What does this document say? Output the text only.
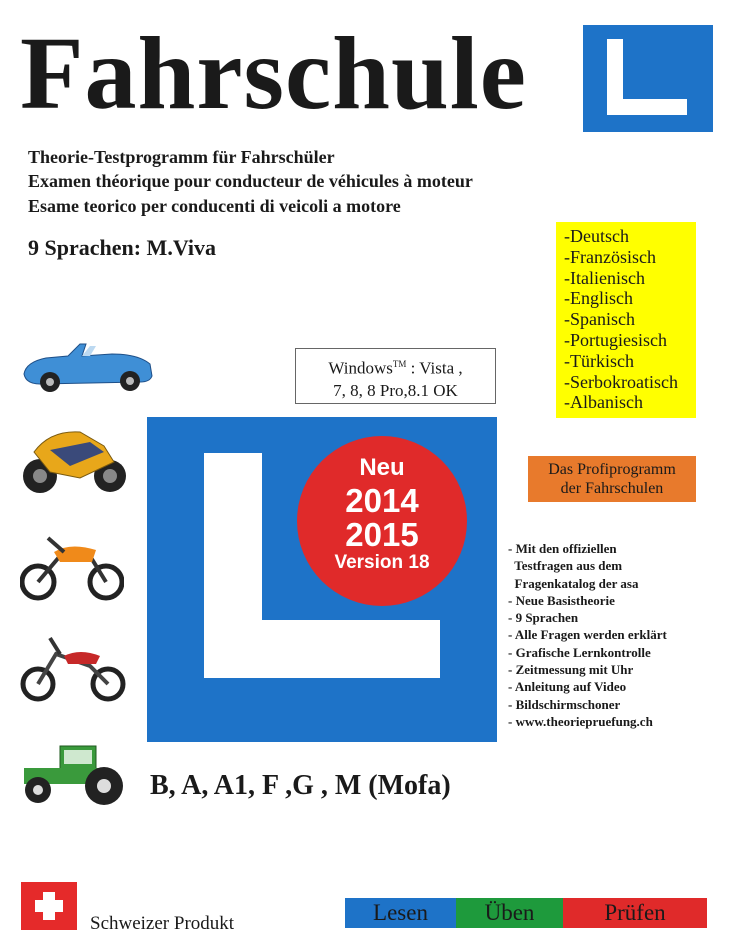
Fahrschule
Theorie-Testprogramm für Fahrschüler
Examen théorique pour conducteur de véhicules à moteur
Esame teorico per conducenti di veicoli a motore
9 Sprachen: M.Viva	-Deutsch
-Französisch
-Italienisch
-Englisch
-Spanisch
-Portugiesisch
-Türkisch
-Serbokroatisch
-Albanisch
Windows™ : Vista ,
7, 8, 8 Pro,8.1 OK
Neu
2014
2015
Version 18
Das Profiprogramm
der Fahrschulen
- Mit den offiziellen
Testfragen aus dem
Fragenkatalog der asa
- Neue Basistheorie
- 9 Sprachen
- Alle Fragen werden erklärt
- Grafische Lernkontrolle
- Zeitmessung mit Uhr
- Anleitung auf Video
- Bildschirmschoner
- www.theoriepruefung.ch
B, A, A1, F ,G , M (Mofa)
Schweizer Produkt	Lesen	Üben	Prüfen
